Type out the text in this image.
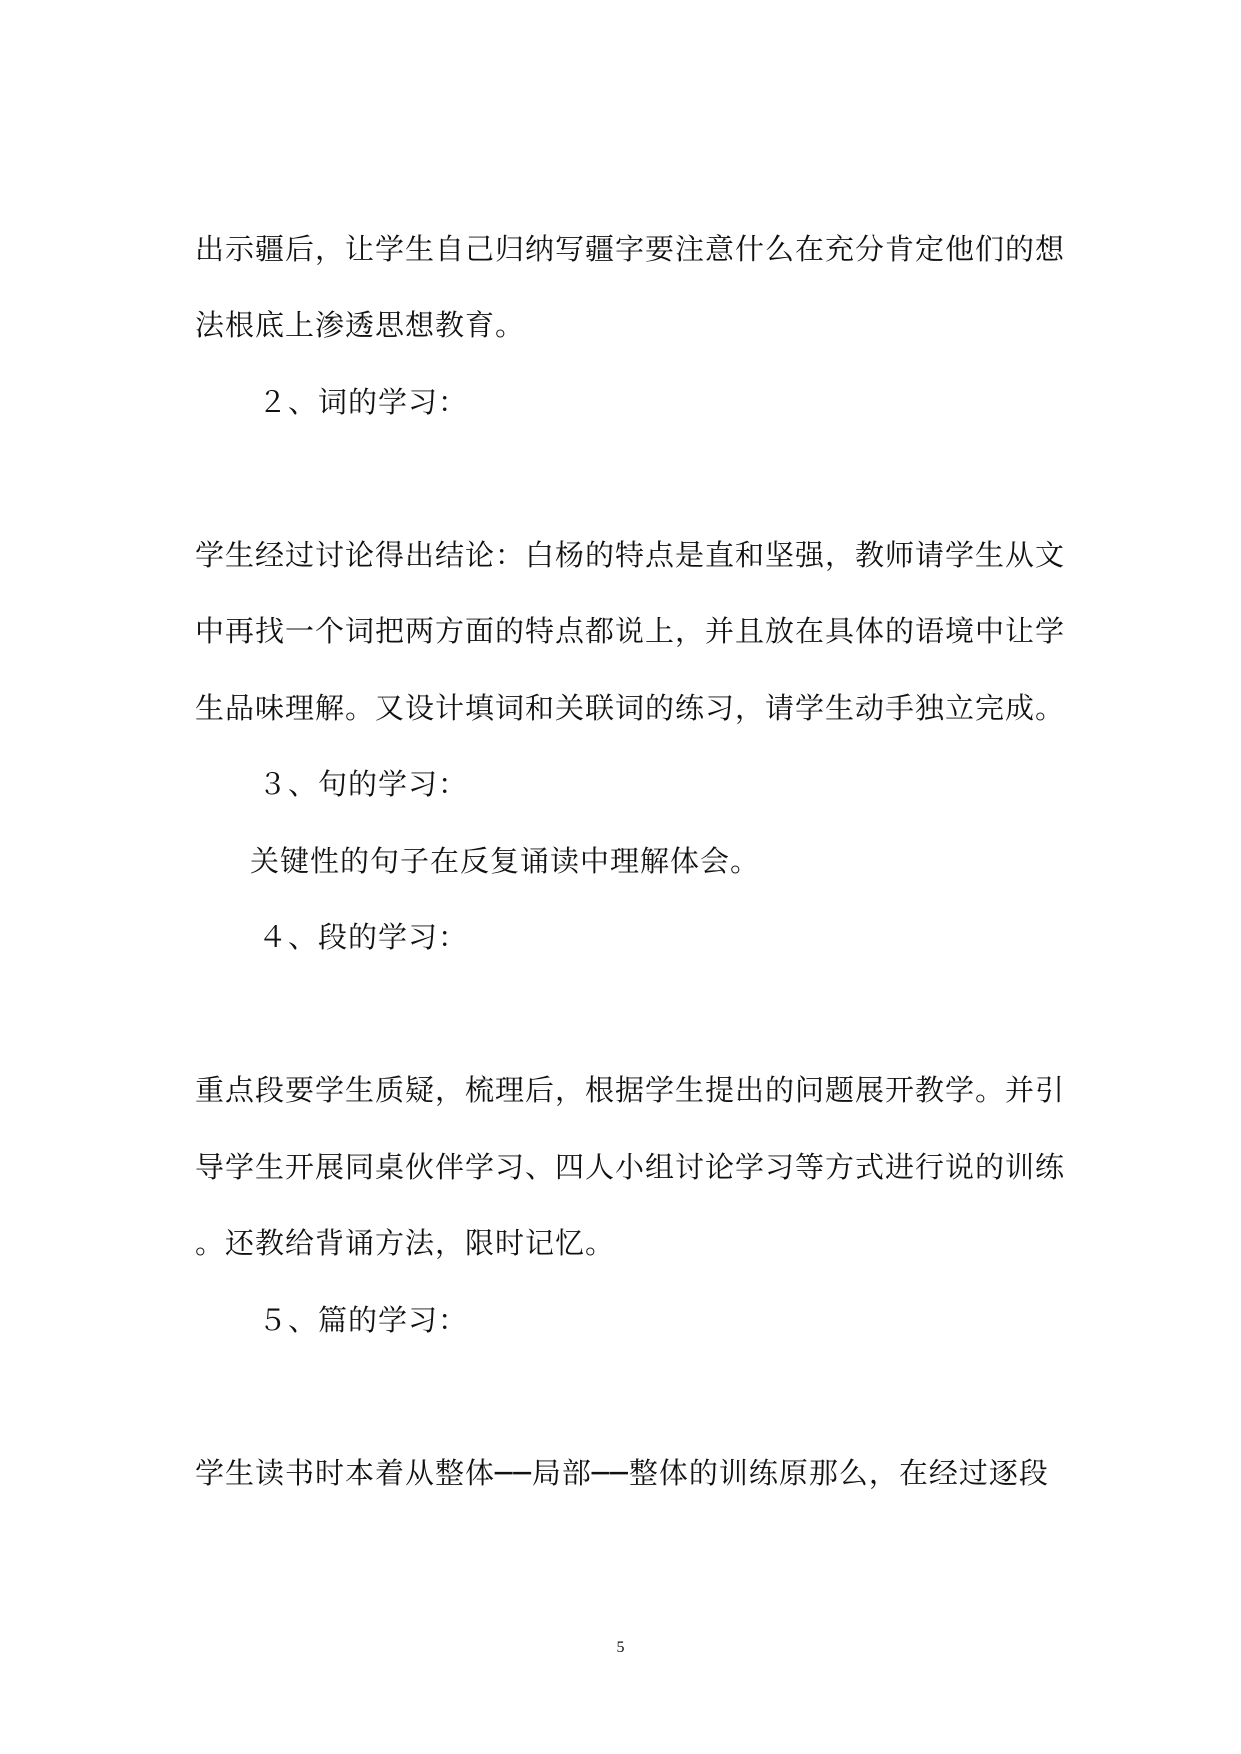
出示疆后，让学生自己归纳写疆字要注意什么在充分肯定他们的想
法根底上渗透思想教育。
２、词的学习：
学生经过讨论得出结论：白杨的特点是直和坚强，教师请学生从文
中再找一个词把两方面的特点都说上，并且放在具体的语境中让学
生品味理解。又设计填词和关联词的练习，请学生动手独立完成。
３、句的学习：
关键性的句子在反复诵读中理解体会。
４、段的学习：
重点段要学生质疑，梳理后，根据学生提出的问题展开教学。并引
导学生开展同桌伙伴学习、四人小组讨论学习等方式进行说的训练
。还教给背诵方法，限时记忆。
５、篇的学习：
学生读书时本着从整体──局部──整体的训练原那么，在经过逐段
5
